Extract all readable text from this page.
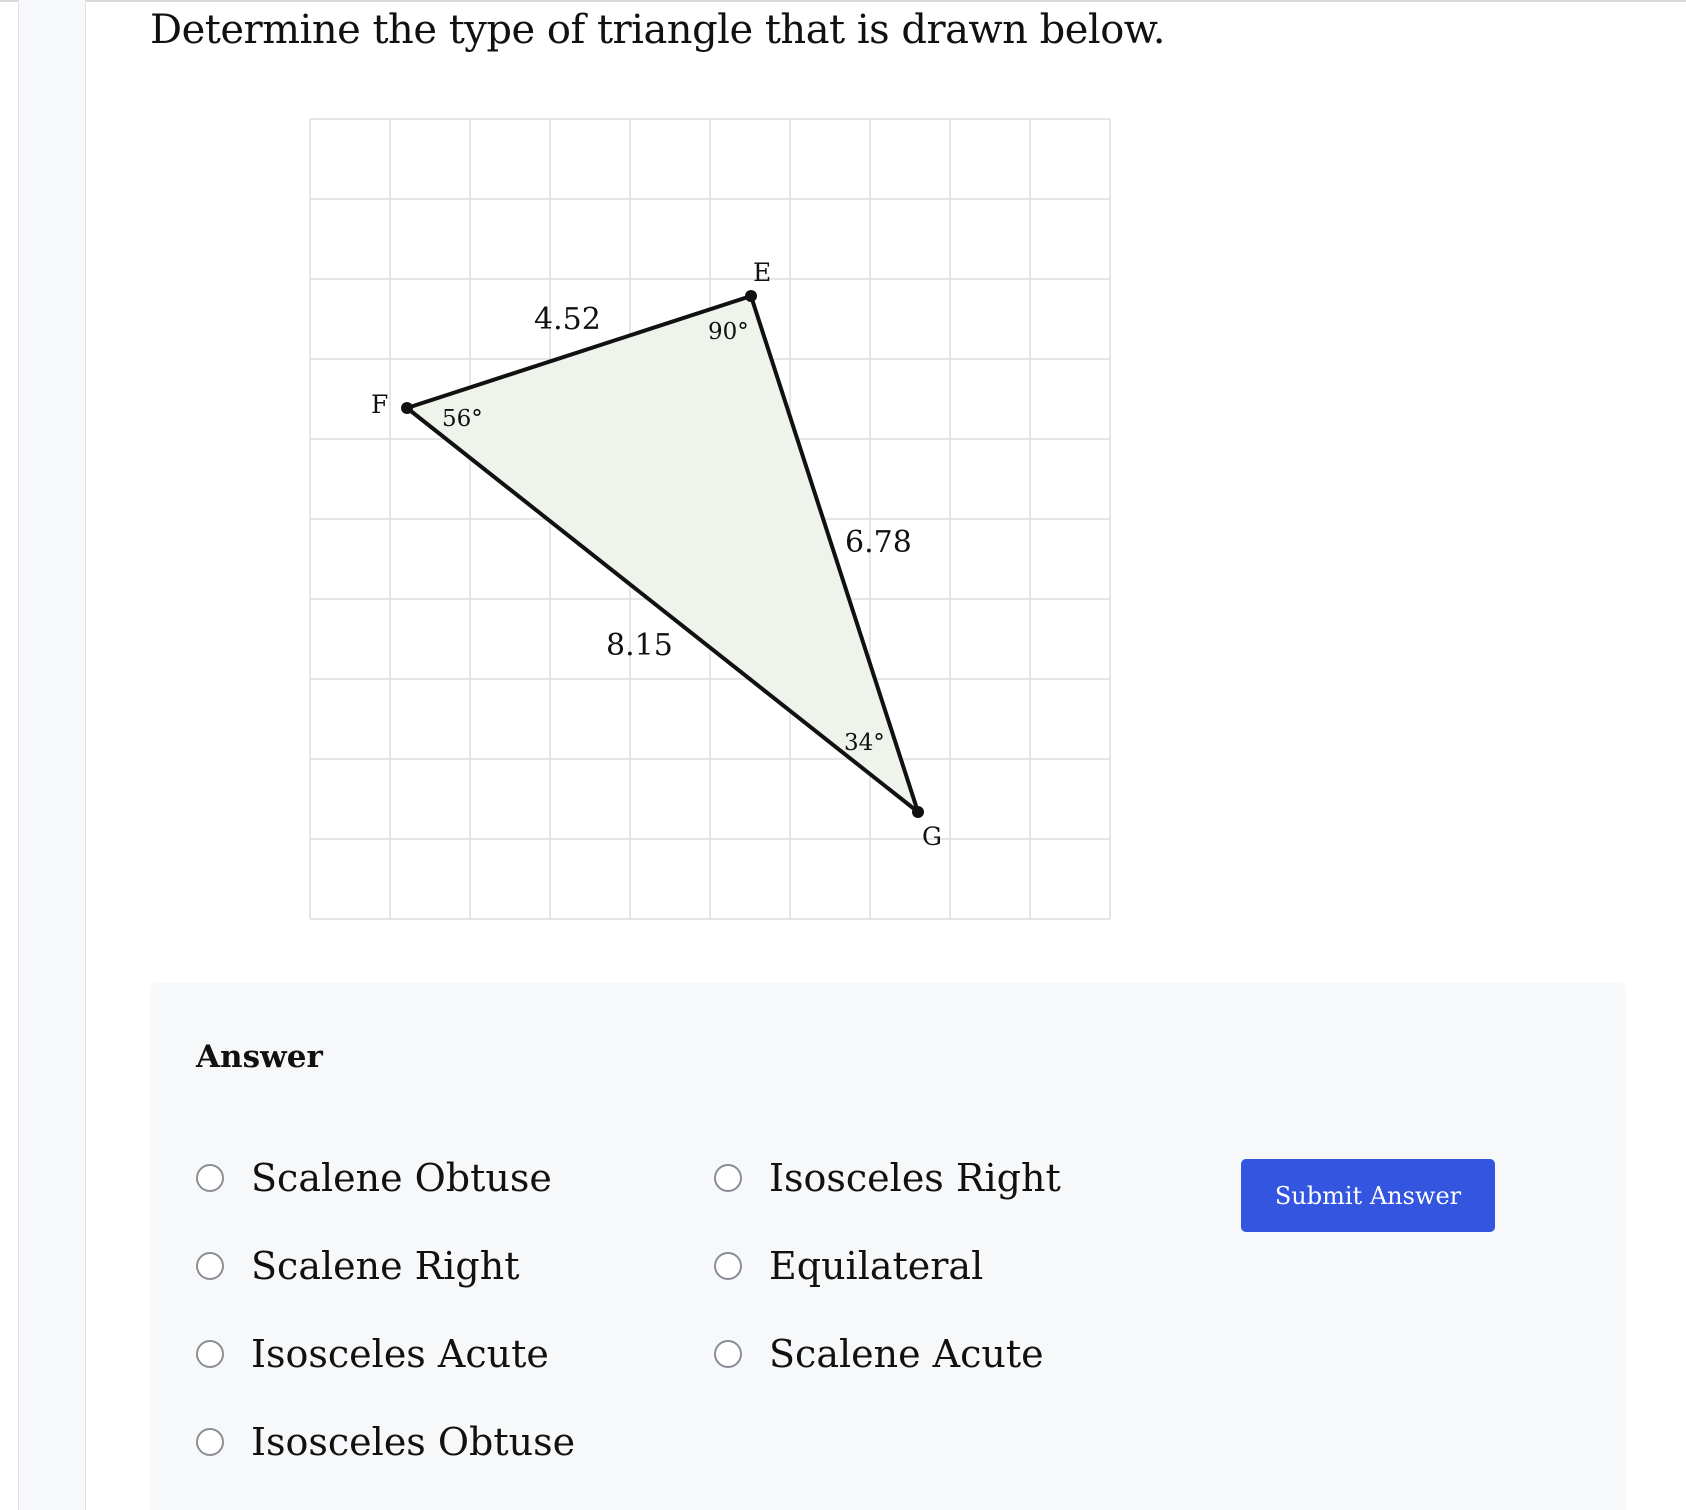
Determine the type of triangle that is drawn below.
F
E
G
56°
90°
34°
4.52
6.78
8.15
Answer
Scalene Obtuse
Scalene Right
Isosceles Acute
Isosceles Obtuse
Isosceles Right
Equilateral
Scalene Acute
Submit Answer
